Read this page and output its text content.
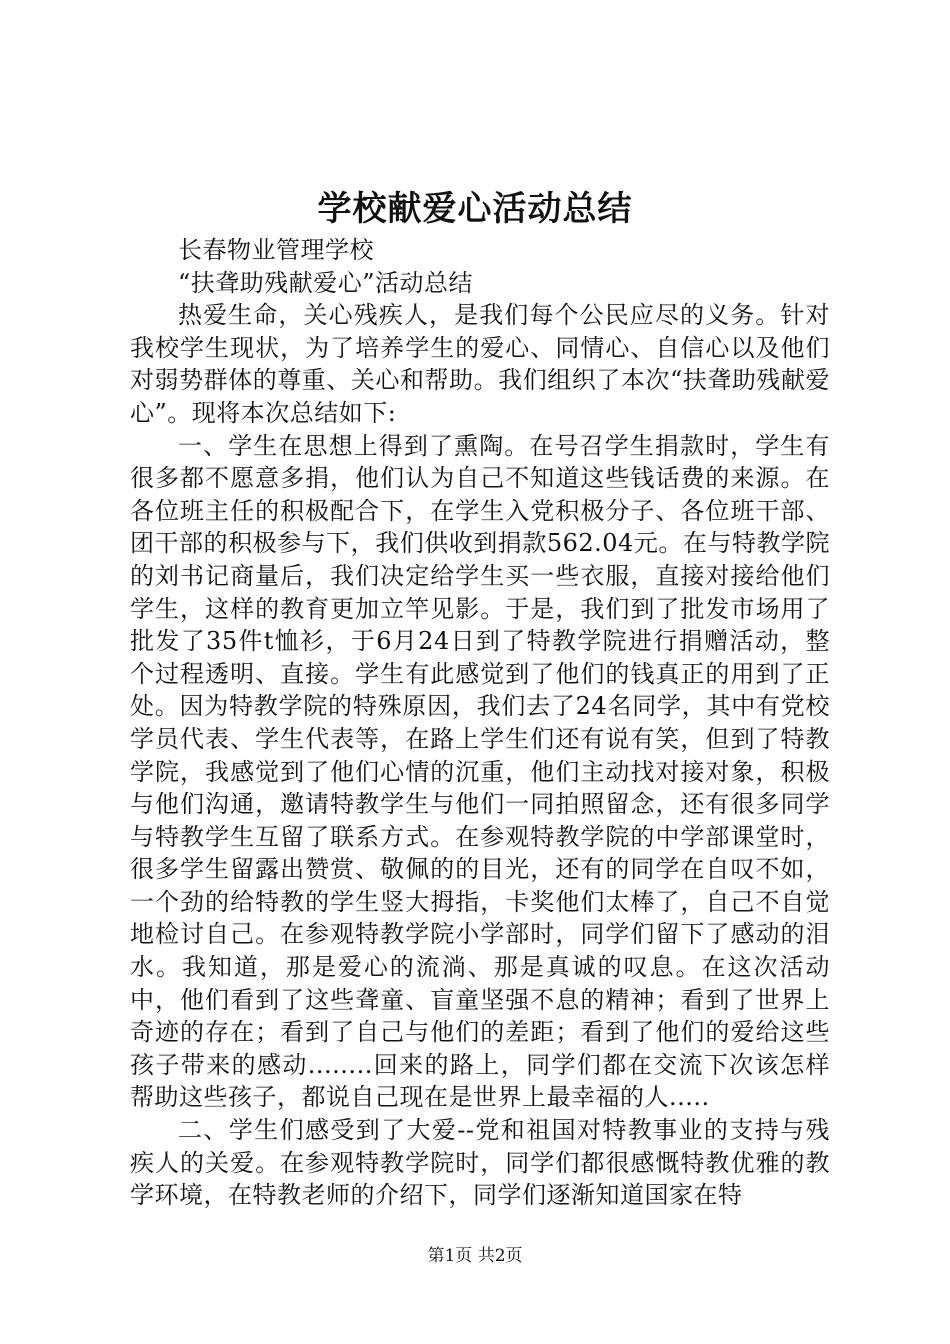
学校献爱心活动总结

长春物业管理学校

“扶聋助残献爱心”活动总结

热爱生命，关心残疾人，是我们每个公民应尽的义务。针对我校学生现状，为了培养学生的爱心、同情心、自信心以及他们对弱势群体的尊重、关心和帮助。我们组织了本次“扶聋助残献爱心”。现将本次总结如下:

一、学生在思想上得到了熏陶。在号召学生捐款时，学生有很多都不愿意多捐，他们认为自己不知道这些钱话费的来源。在各位班主任的积极配合下，在学生入党积极分子、各位班干部、团干部的积极参与下，我们供收到捐款562.04元。在与特教学院的刘书记商量后，我们决定给学生买一些衣服，直接对接给他们学生，这样的教育更加立竿见影。于是，我们到了批发市场用了批发了35件t恤衫，于6月24日到了特教学院进行捐赠活动，整个过程透明、直接。学生有此感觉到了他们的钱真正的用到了正处。因为特教学院的特殊原因，我们去了24名同学，其中有党校学员代表、学生代表等，在路上学生们还有说有笑，但到了特教学院，我感觉到了他们心情的沉重，他们主动找对接对象，积极与他们沟通，邀请特教学生与他们一同拍照留念，还有很多同学与特教学生互留了联系方式。在参观特教学院的中学部课堂时，很多学生留露出赞赏、敬佩的的目光，还有的同学在自叹不如，一个劲的给特教的学生竖大拇指，卡奖他们太棒了，自己不自觉地检讨自己。在参观特教学院小学部时，同学们留下了感动的泪水。我知道，那是爱心的流淌、那是真诚的叹息。在这次活动中，他们看到了这些聋童、盲童坚强不息的精神；看到了世界上奇迹的存在；看到了自己与他们的差距；看到了他们的爱给这些孩子带来的感动........回来的路上，同学们都在交流下次该怎样帮助这些孩子，都说自己现在是世界上最幸福的人.....

二、学生们感受到了大爱--党和祖国对特教事业的支持与残疾人的关爱。在参观特教学院时，同学们都很感慨特教优雅的教学环境，在特教老师的介绍下，同学们逐渐知道国家在特

第1页 共2页
